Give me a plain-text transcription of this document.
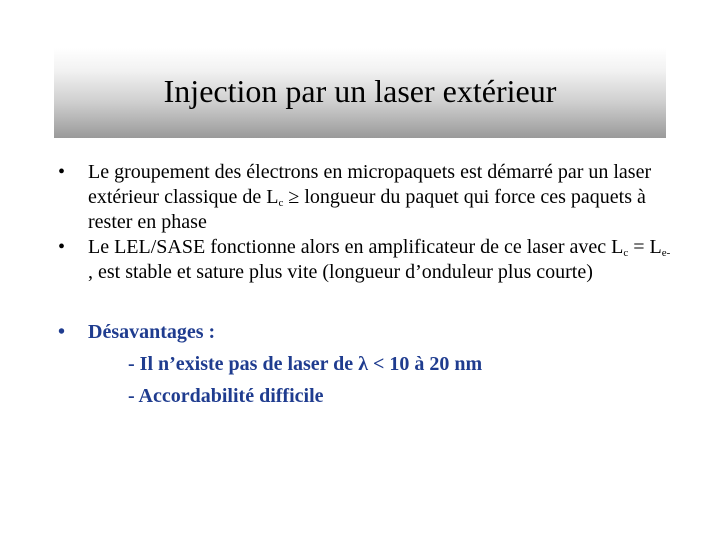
Injection par un laser extérieur
• Le groupement des électrons en micropaquets est démarré par un laser extérieur classique de $L_c$ ≥ longueur du paquet qui force ces paquets à rester en phase
• Le LEL/SASE fonctionne alors en amplificateur de ce laser avec $L_c = L_{e-}$ , est stable et sature plus vite (longueur d’onduleur plus courte)
• Désavantages :
- Il n’existe pas de laser de λ < 10 à 20 nm
- Accordabilité difficile
